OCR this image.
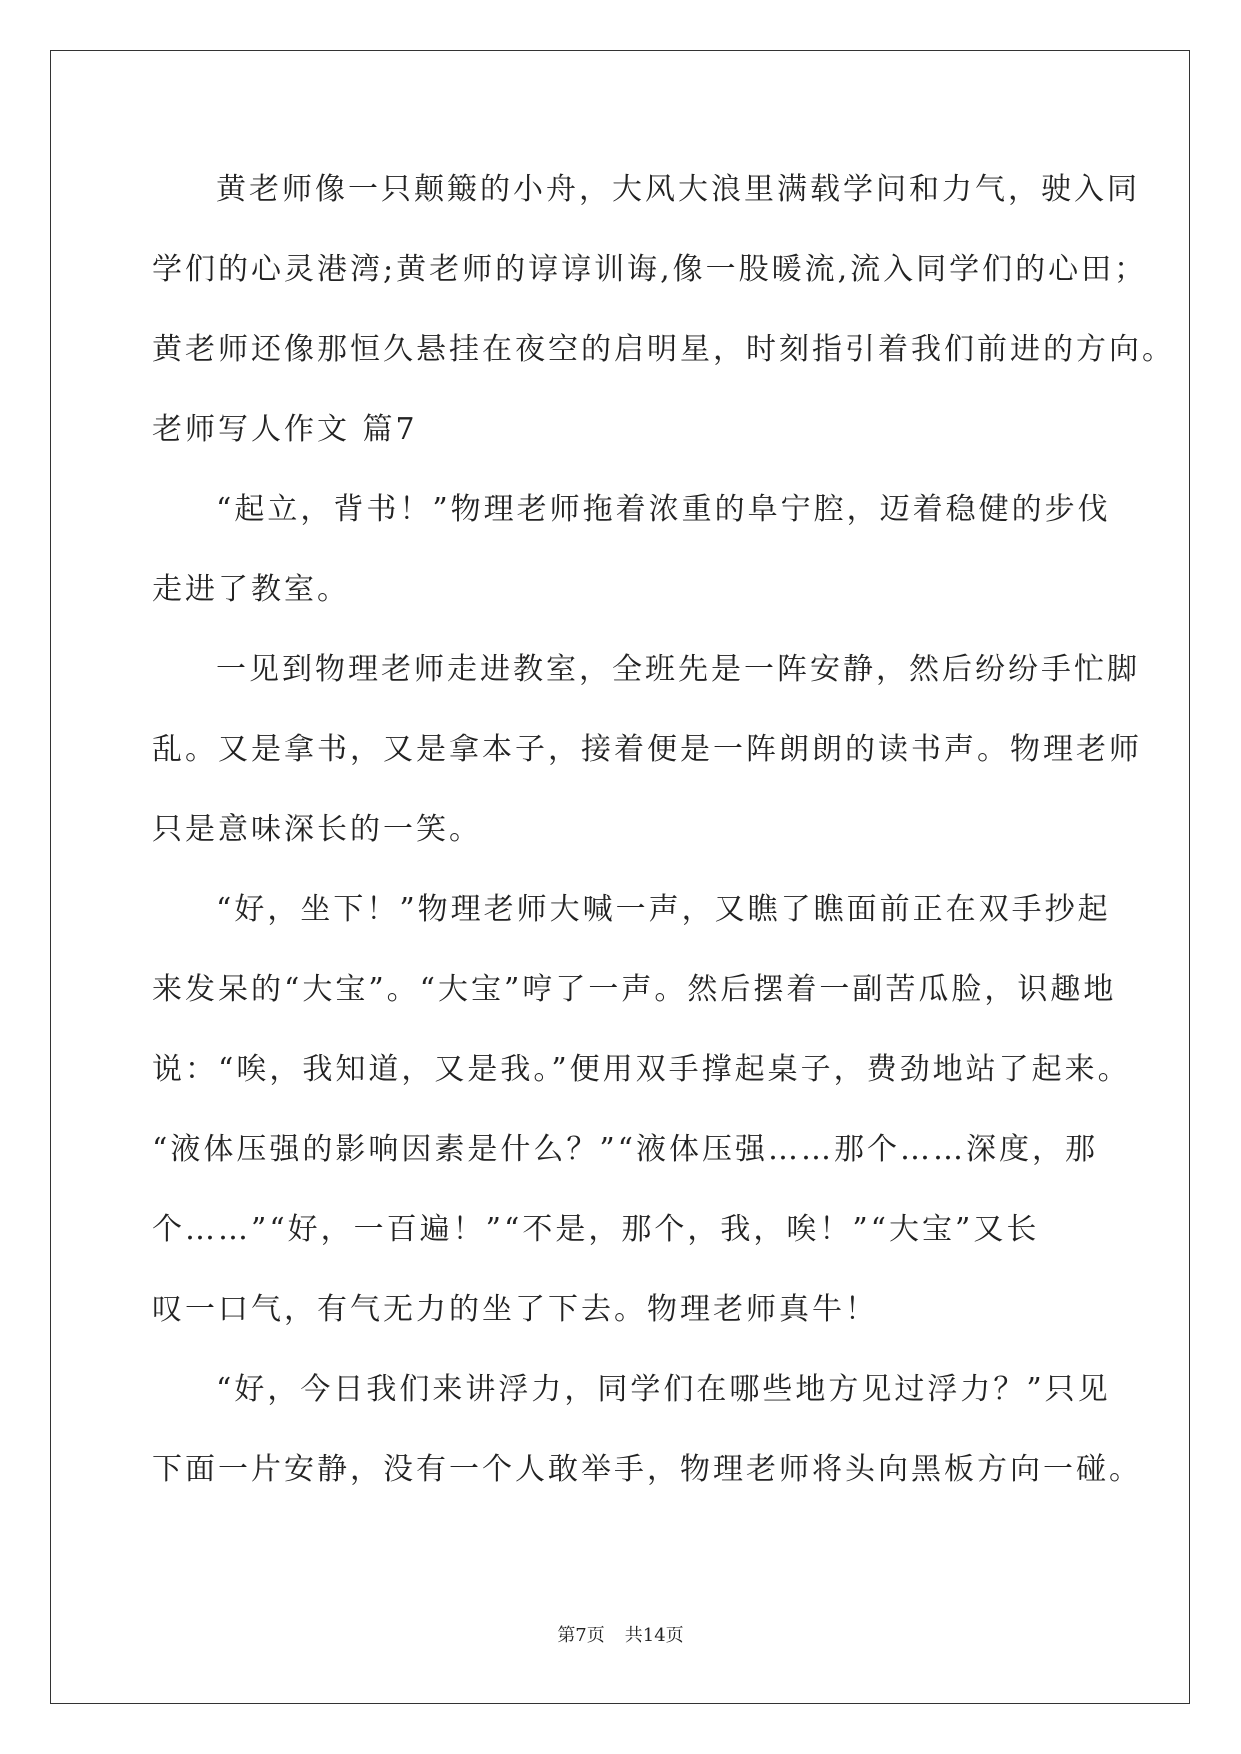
黄老师像一只颠簸的小舟，大风大浪里满载学问和力气，驶入同
学们的心灵港湾;黄老师的谆谆训诲,像一股暖流,流入同学们的心田；
黄老师还像那恒久悬挂在夜空的启明星，时刻指引着我们前进的方向。
老师写人作文 篇7
“起立，背书！”物理老师拖着浓重的阜宁腔，迈着稳健的步伐
走进了教室。
一见到物理老师走进教室，全班先是一阵安静，然后纷纷手忙脚
乱。又是拿书，又是拿本子，接着便是一阵朗朗的读书声。物理老师
只是意味深长的一笑。
“好，坐下！”物理老师大喊一声，又瞧了瞧面前正在双手抄起
来发呆的“大宝”。“大宝”哼了一声。然后摆着一副苦瓜脸，识趣地
说：“唉，我知道，又是我。”便用双手撑起桌子，费劲地站了起来。
“液体压强的影响因素是什么？”“液体压强……那个……深度，那
个……”“好，一百遍！”“不是，那个，我，唉！”“大宝”又长
叹一口气，有气无力的坐了下去。物理老师真牛！
“好，今日我们来讲浮力，同学们在哪些地方见过浮力？”只见
下面一片安静，没有一个人敢举手，物理老师将头向黑板方向一碰。
第7页 共14页
